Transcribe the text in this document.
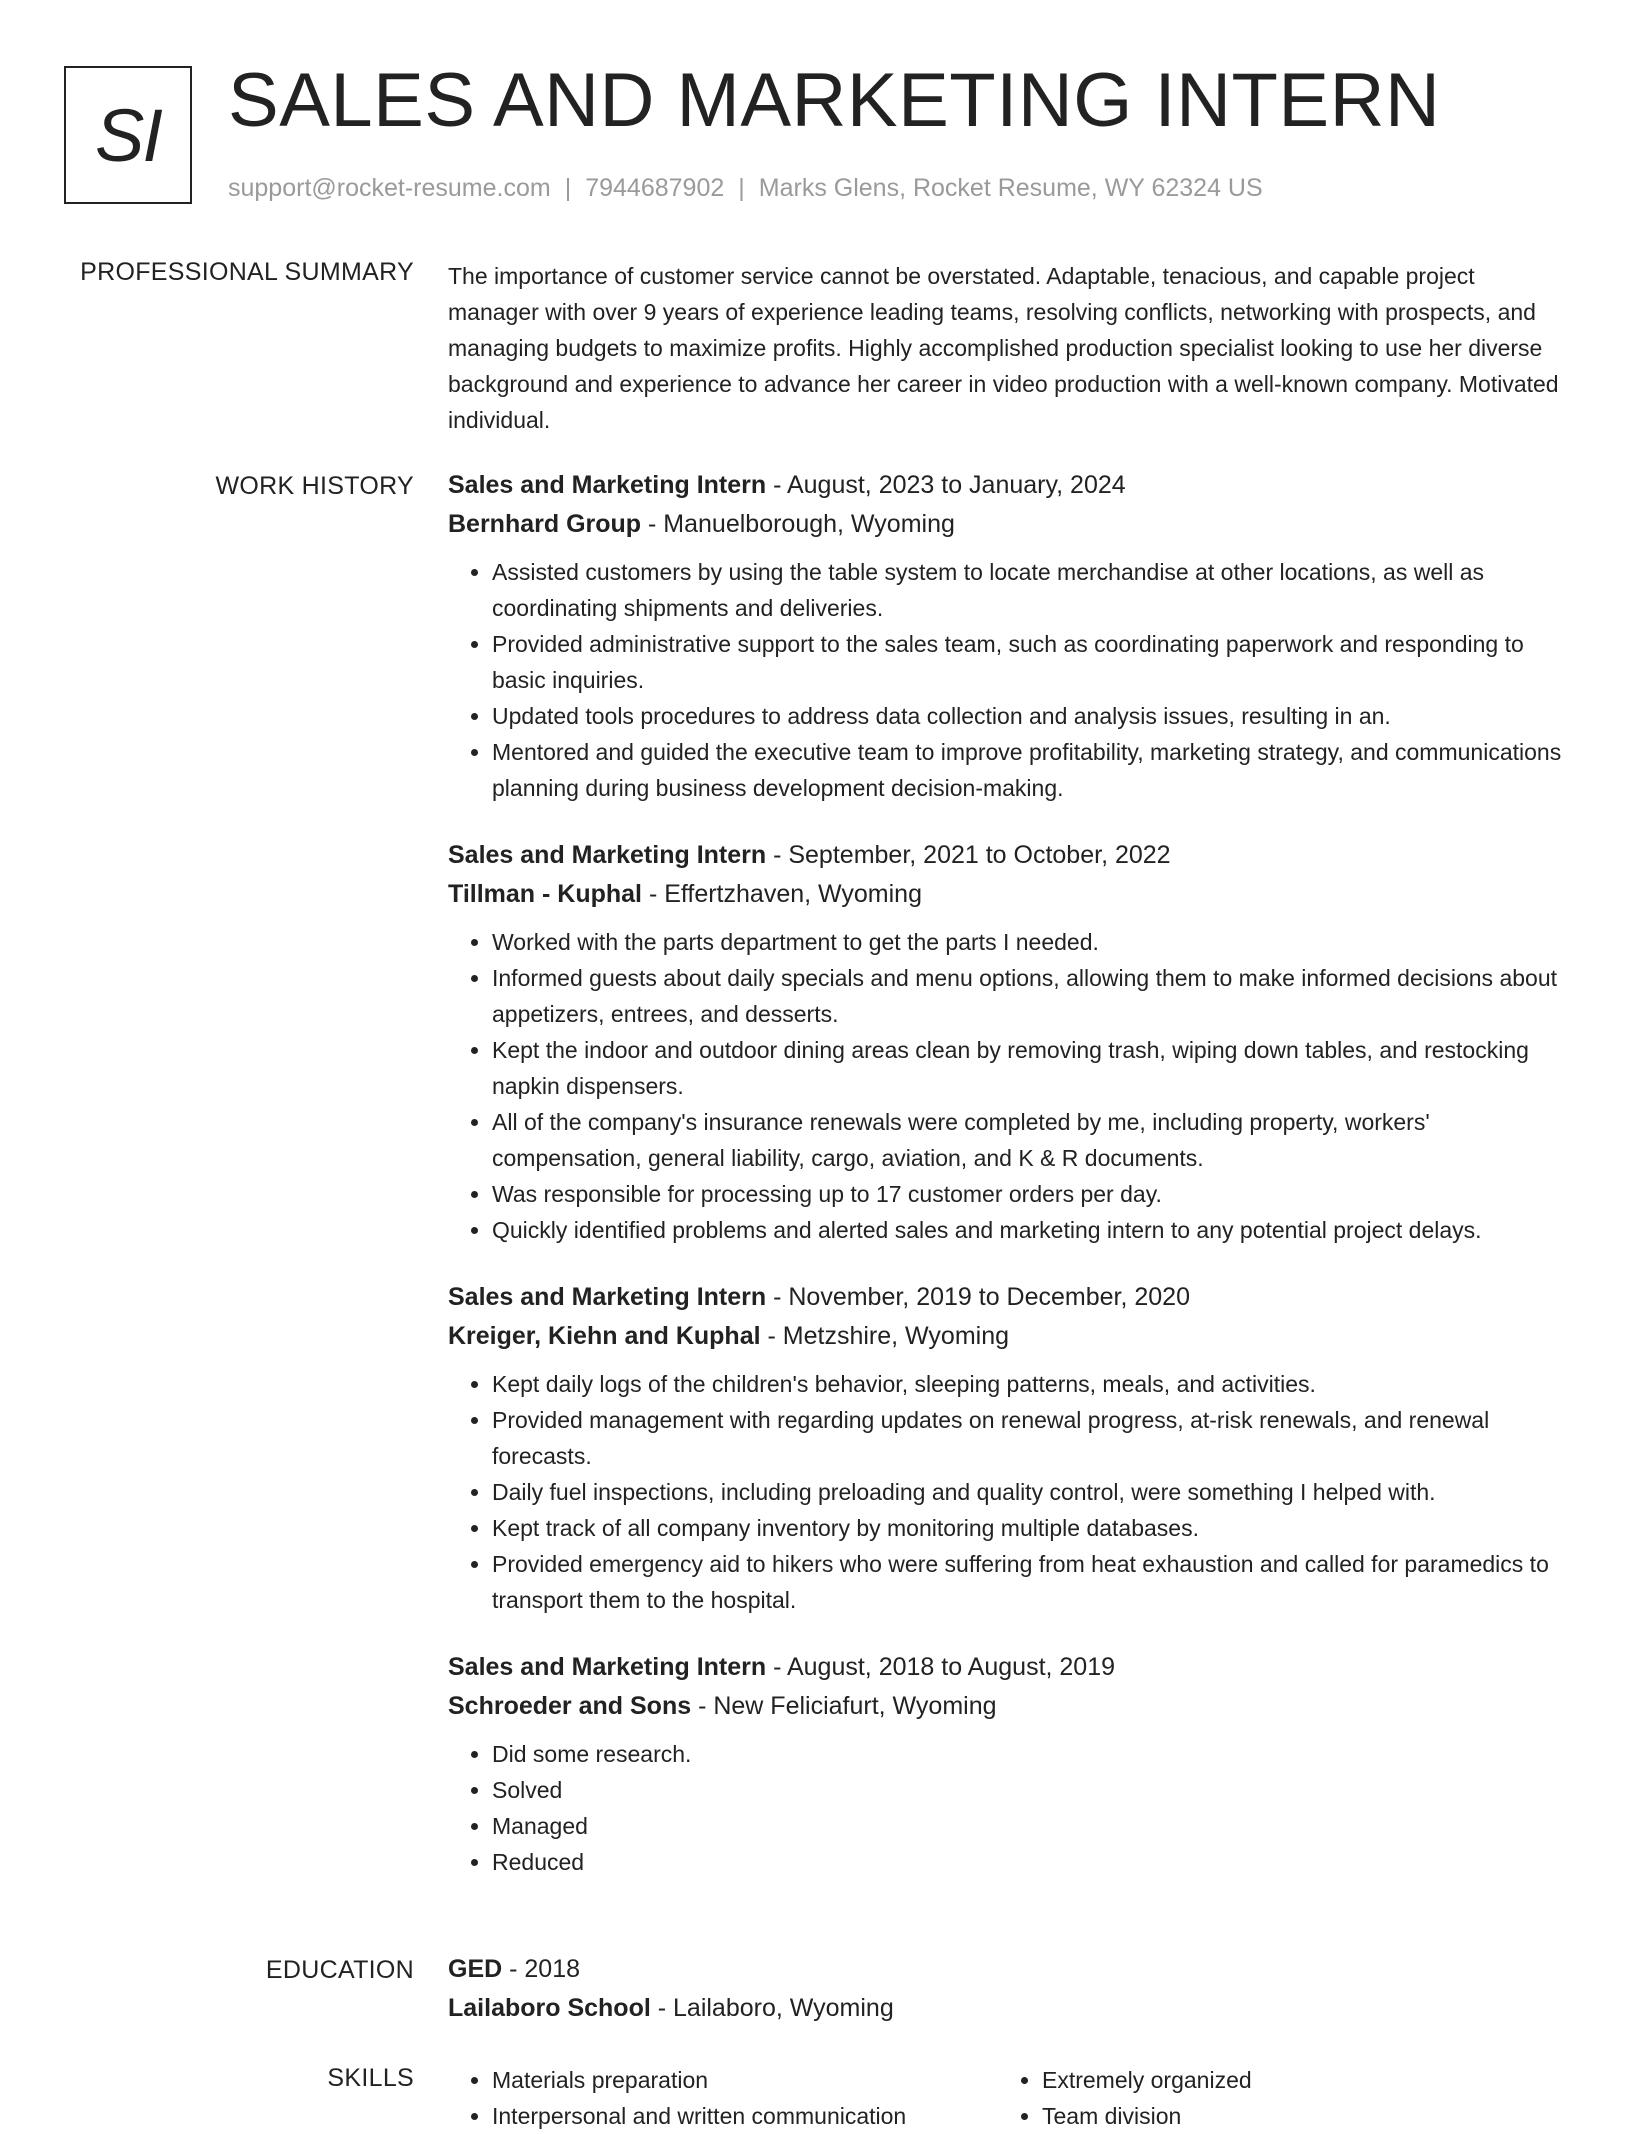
SI SALES AND MARKETING INTERN
support@rocket-resume.com | 7944687902 | Marks Glens, Rocket Resume, WY 62324 US
PROFESSIONAL SUMMARY The importance of customer service cannot be overstated. Adaptable, tenacious, and capable project manager with over 9 years of experience leading teams, resolving conflicts, networking with prospects, and managing budgets to maximize profits. Highly accomplished production specialist looking to use her diverse background and experience to advance her career in video production with a well-known company. Motivated individual.

WORK HISTORY Sales and Marketing Intern - August, 2023 to January, 2024
Bernhard Group - Manuelborough, Wyoming
• Assisted customers by using the table system to locate merchandise at other locations, as well as coordinating shipments and deliveries.
• Provided administrative support to the sales team, such as coordinating paperwork and responding to basic inquiries.
• Updated tools procedures to address data collection and analysis issues, resulting in an.
• Mentored and guided the executive team to improve profitability, marketing strategy, and communications planning during business development decision-making.
Sales and Marketing Intern - September, 2021 to October, 2022
Tillman - Kuphal - Effertzhaven, Wyoming
• Worked with the parts department to get the parts I needed.
• Informed guests about daily specials and menu options, allowing them to make informed decisions about appetizers, entrees, and desserts.
• Kept the indoor and outdoor dining areas clean by removing trash, wiping down tables, and restocking napkin dispensers.
• All of the company's insurance renewals were completed by me, including property, workers' compensation, general liability, cargo, aviation, and K & R documents.
• Was responsible for processing up to 17 customer orders per day.
• Quickly identified problems and alerted sales and marketing intern to any potential project delays.
Sales and Marketing Intern - November, 2019 to December, 2020
Kreiger, Kiehn and Kuphal - Metzshire, Wyoming
• Kept daily logs of the children's behavior, sleeping patterns, meals, and activities.
• Provided management with regarding updates on renewal progress, at-risk renewals, and renewal forecasts.
• Daily fuel inspections, including preloading and quality control, were something I helped with.
• Kept track of all company inventory by monitoring multiple databases.
• Provided emergency aid to hikers who were suffering from heat exhaustion and called for paramedics to transport them to the hospital.
Sales and Marketing Intern - August, 2018 to August, 2019
Schroeder and Sons - New Feliciafurt, Wyoming
• Did some research.
• Solved
• Managed
• Reduced
EDUCATION GED - 2018
Lailaboro School - Lailaboro, Wyoming
SKILLS
•	Materials preparation
• Interpersonal and written communication
• Extremely organized
• Team division
